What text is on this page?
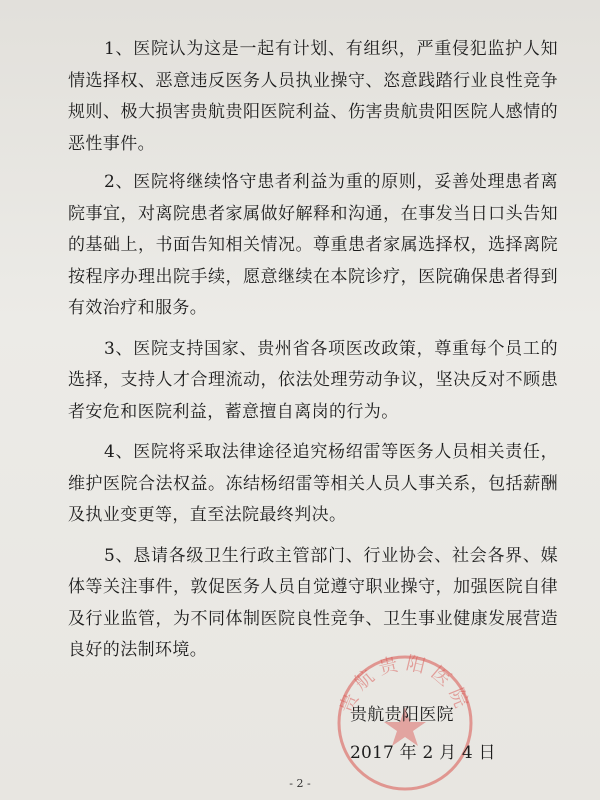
1、医院认为这是一起有计划、有组织，严重侵犯监护人知情选择权、恶意违反医务人员执业操守、恣意践踏行业良性竞争规则、极大损害贵航贵阳医院利益、伤害贵航贵阳医院人感情的恶性事件。

2、医院将继续恪守患者利益为重的原则，妥善处理患者离院事宜，对离院患者家属做好解释和沟通，在事发当日口头告知的基础上，书面告知相关情况。尊重患者家属选择权，选择离院按程序办理出院手续，愿意继续在本院诊疗，医院确保患者得到有效治疗和服务。

3、医院支持国家、贵州省各项医改政策，尊重每个员工的选择，支持人才合理流动，依法处理劳动争议，坚决反对不顾患者安危和医院利益，蓄意擅自离岗的行为。

4、医院将采取法律途径追究杨绍雷等医务人员相关责任，维护医院合法权益。冻结杨绍雷等相关人员人事关系，包括薪酬及执业变更等，直至法院最终判决。

5、恳请各级卫生行政主管部门、行业协会、社会各界、媒体等关注事件，敦促医务人员自觉遵守职业操守，加强医院自律及行业监管，为不同体制医院良性竞争、卫生事业健康发展营造良好的法制环境。

贵航贵阳医院
贵航贵阳医院
2017 年 2 月 4 日
- 2 -
